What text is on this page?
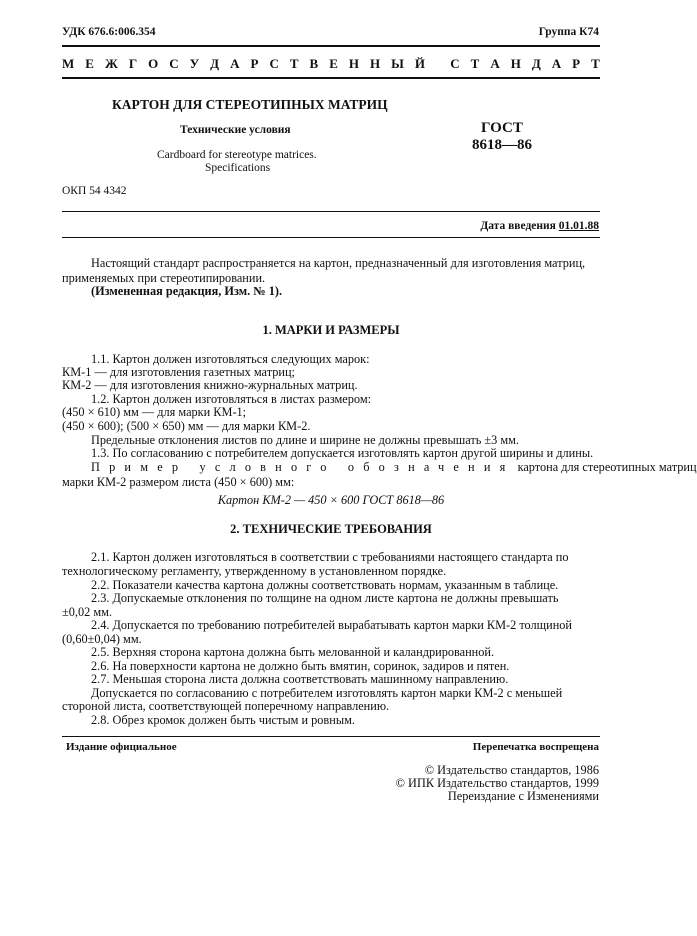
УДК 676.6:006.354	Группа К74
М Е Ж Г О С У Д А Р С Т В Е Н Н Ы Й
С Т А Н Д А Р Т
КАРТОН ДЛЯ СТЕРЕОТИПНЫХ МАТРИЦ
Технические условия
Cardboard for stereotype matrices.
Specifications
ГОСТ
8618—86
ОКП 54 4342
Дата введения 01.01.88
Настоящий стандарт распространяется на картон, предназначенный для изготовления матриц,
применяемых при стереотипировании.
(Измененная редакция, Изм. № 1).
1. МАРКИ И РАЗМЕРЫ
1.1. Картон должен изготовляться следующих марок:
КМ-1 — для изготовления газетных матриц;
КМ-2 — для изготовления книжно-журнальных матриц.
1.2. Картон должен изготовляться в листах размером:
(450 × 610) мм — для марки КМ-1;
(450 × 600); (500 × 650) мм — для марки КМ-2.
Предельные отклонения листов по длине и ширине не должны превышать ±3 мм.
1.3. По согласованию с потребителем допускается изготовлять картон другой ширины и длины.
Пример условного обозначения картона для стереотипных матриц
марки КМ-2 размером листа (450 × 600) мм:
Картон КМ-2 — 450 × 600 ГОСТ 8618—86
2. ТЕХНИЧЕСКИЕ ТРЕБОВАНИЯ
2.1. Картон должен изготовляться в соответствии с требованиями настоящего стандарта по
технологическому регламенту, утвержденному в установленном порядке.
2.2. Показатели качества картона должны соответствовать нормам, указанным в таблице.
2.3. Допускаемые отклонения по толщине на одном листе картона не должны превышать
±0,02 мм.
2.4. Допускается по требованию потребителей вырабатывать картон марки КМ-2 толщиной
(0,60±0,04) мм.
2.5. Верхняя сторона картона должна быть мелованной и каландрированной.
2.6. На поверхности картона не должно быть вмятин, соринок, задиров и пятен.
2.7. Меньшая сторона листа должна соответствовать машинному направлению.
Допускается по согласованию с потребителем изготовлять картон марки КМ-2 с меньшей
стороной листа, соответствующей поперечному направлению.
2.8. Обрез кромок должен быть чистым и ровным.
Издание официальное	Перепечатка воспрещена
© Издательство стандартов, 1986
© ИПК Издательство стандартов, 1999
Переиздание с Изменениями
